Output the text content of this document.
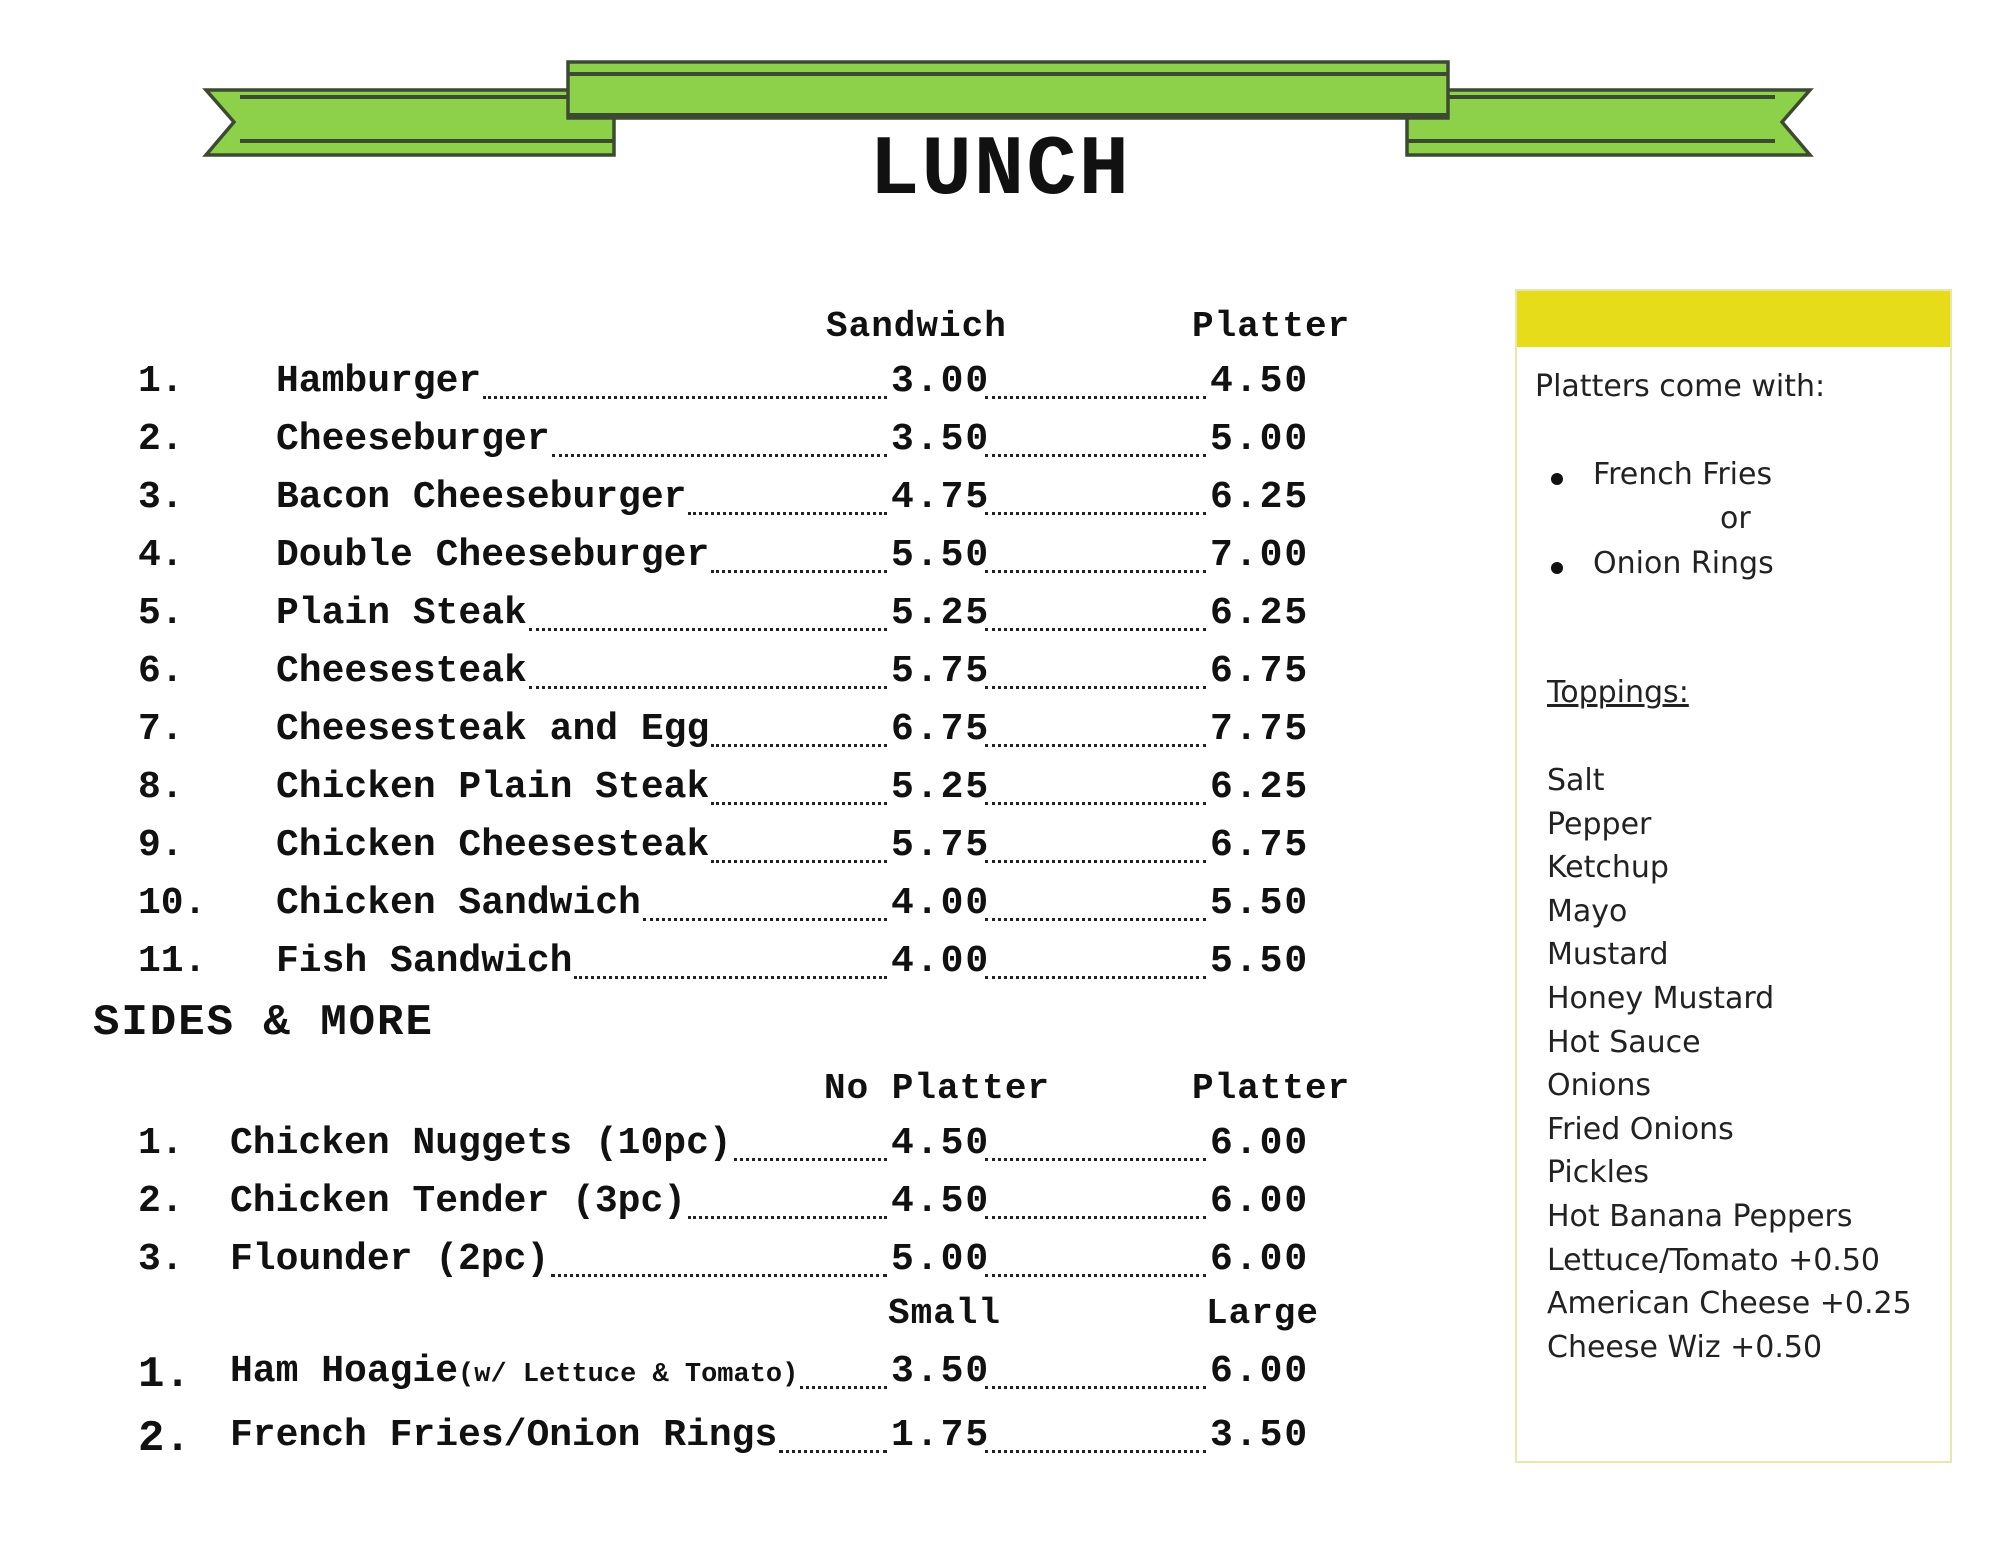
LUNCH
Sandwich	Platter
1. Hamburger	3.00	4.50
2. Cheeseburger	3.50	5.00
3. Bacon Cheeseburger	4.75	6.25
4. Double Cheeseburger	5.50	7.00
5. Plain Steak	5.25	6.25
6. Cheesesteak	5.75	6.75
7. Cheesesteak and Egg	6.75	7.75
8. Chicken Plain Steak	5.25	6.25
9. Chicken Cheesesteak	5.75	6.75
10. Chicken Sandwich	4.00	5.50
11. Fish Sandwich	4.00	5.50
SIDES & MORE
No Platter	Platter
1. Chicken Nuggets (10pc)	4.50	6.00
2. Chicken Tender (3pc)	4.50	6.00
3. Flounder (2pc)	5.00	6.00
Small	Large
1. Ham Hoagie(w/ Lettuce & Tomato) 3.50	6.00
2. French Fries/Onion Rings	1.75	3.50
Platters come with:
French Fries
or
Onion Rings
Toppings:
Salt
Pepper
Ketchup
Mayo
Mustard
Honey Mustard
Hot Sauce
Onions
Fried Onions
Pickles
Hot Banana Peppers
Lettuce/Tomato +0.50
American Cheese +0.25
Cheese Wiz +0.50
